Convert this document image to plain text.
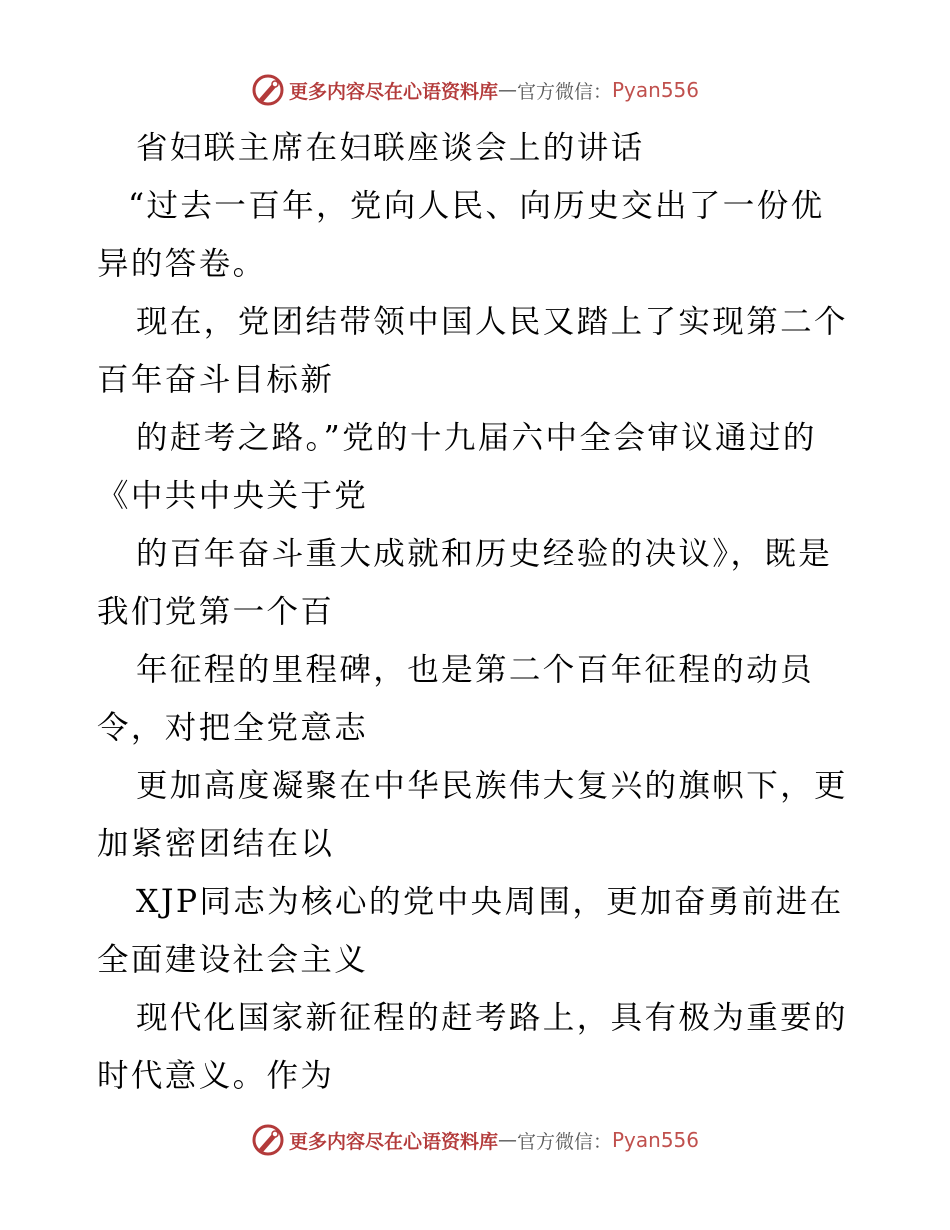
更多内容尽在心语资料库 — 官方微信： Pyan556
省妇联主席在妇联座谈会上的讲话
“过去一百年，党向人民、向历史交出了一份优
异的答卷。
现在，党团结带领中国人民又踏上了实现第二个
百年奋斗目标新
的赶考之路。”党的十九届六中全会审议通过的
《中共中央关于党
的百年奋斗重大成就和历史经验的决议》，既是
我们党第一个百
年征程的里程碑，也是第二个百年征程的动员
令，对把全党意志
更加高度凝聚在中华民族伟大复兴的旗帜下，更
加紧密团结在以
XJP同志为核心的党中央周围，更加奋勇前进在
全面建设社会主义
现代化国家新征程的赶考路上，具有极为重要的
时代意义。作为
更多内容尽在心语资料库 — 官方微信： Pyan556
